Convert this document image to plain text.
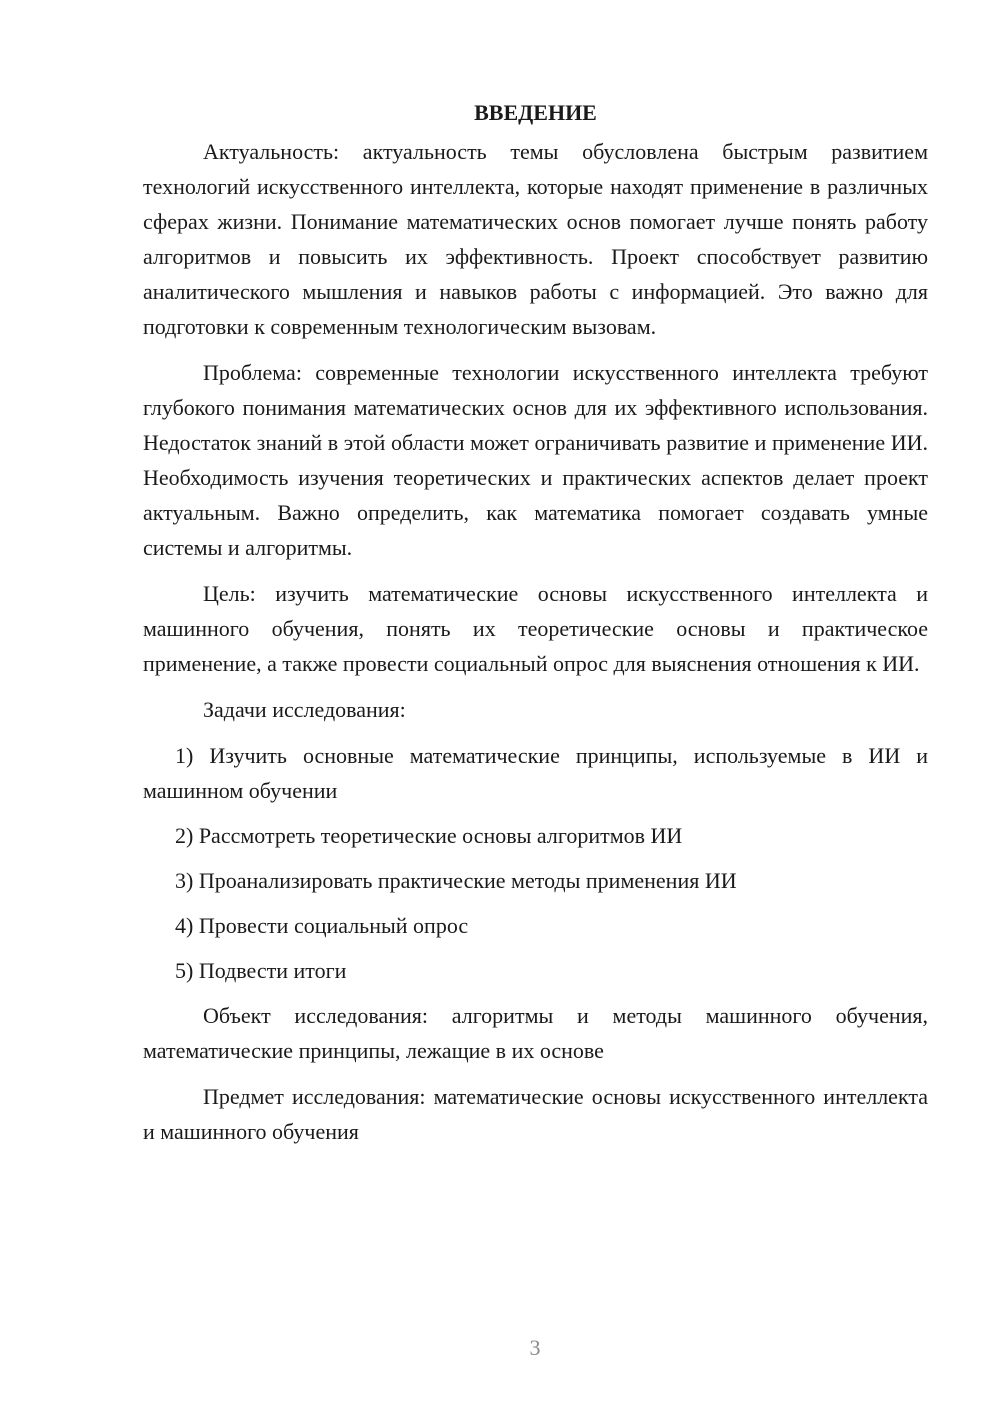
ВВЕДЕНИЕ

Актуальность: актуальность темы обусловлена быстрым развитием технологий искусственного интеллекта, которые находят применение в различных сферах жизни. Понимание математических основ помогает лучше понять работу алгоритмов и повысить их эффективность. Проект способствует развитию аналитического мышления и навыков работы с информацией. Это важно для подготовки к современным технологическим вызовам.

Проблема: современные технологии искусственного интеллекта требуют глубокого понимания математических основ для их эффективного использования. Недостаток знаний в этой области может ограничивать развитие и применение ИИ. Необходимость изучения теоретических и практических аспектов делает проект актуальным. Важно определить, как математика помогает создавать умные системы и алгоритмы.

Цель: изучить математические основы искусственного интеллекта и машинного обучения, понять их теоретические основы и практическое применение, а также провести социальный опрос для выяснения отношения к ИИ.

Задачи исследования:

1) Изучить основные математические принципы, используемые в ИИ и машинном обучении

2) Рассмотреть теоретические основы алгоритмов ИИ

3) Проанализировать практические методы применения ИИ

4) Провести социальный опрос

5) Подвести итоги

Объект исследования: алгоритмы и методы машинного обучения, математические принципы, лежащие в их основе

Предмет исследования: математические основы искусственного интеллекта и машинного обучения

3
